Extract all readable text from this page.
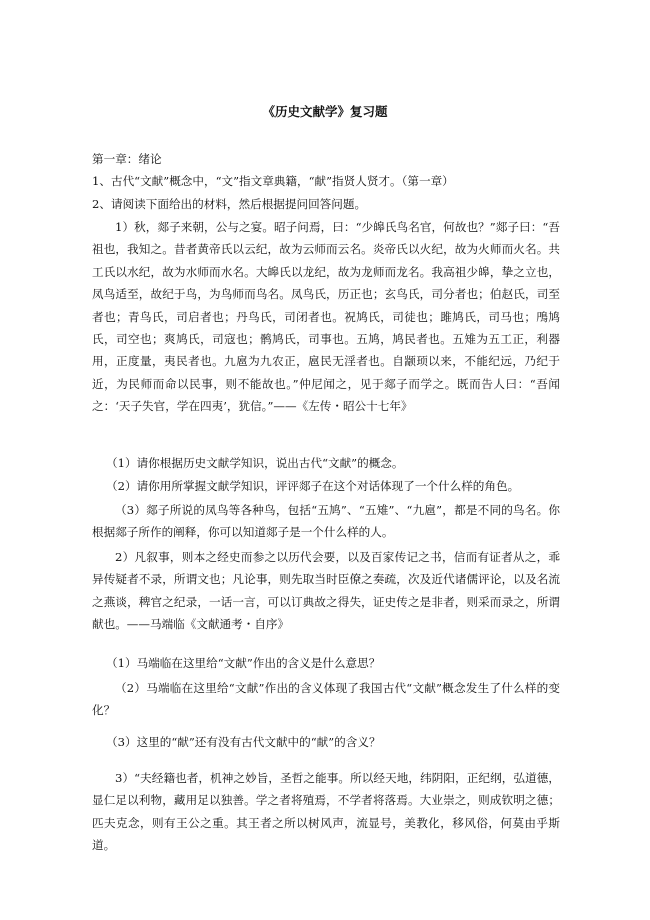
《历史文献学》复习题
第一章：绪论
1、古代“文献”概念中，“文”指文章典籍，“献”指贤人贤才。（第一章）
2、请阅读下面给出的材料，然后根据提问回答问题。
1）秋，郯子来朝，公与之宴。昭子问焉，曰：“少皞氏鸟名官，何故也？”郯子曰：“吾祖也，我知之。昔者黄帝氏以云纪，故为云师而云名。炎帝氏以火纪，故为火师而火名。共工氏以水纪，故为水师而水名。大皞氏以龙纪，故为龙师而龙名。我高祖少皞，挚之立也，凤鸟适至，故纪于鸟，为鸟师而鸟名。凤鸟氏，历正也；玄鸟氏，司分者也；伯赵氏，司至者也；青鸟氏，司启者也；丹鸟氏，司闭者也。祝鸠氏，司徒也；雎鸠氏，司马也；鳲鸠氏，司空也；爽鸠氏，司寇也；鹘鸠氏，司事也。五鸠，鸠民者也。五雉为五工正，利器用，正度量，夷民者也。九扈为九农正，扈民无淫者也。自颛顼以来，不能纪远，乃纪于近，为民师而命以民事，则不能故也。”仲尼闻之，见于郯子而学之。既而告人曰：“吾闻之：‘天子失官，学在四夷’，犹信。”——《左传・昭公十七年》
（1）请你根据历史文献学知识，说出古代“文献”的概念。
（2）请你用所掌握文献学知识，评评郯子在这个对话体现了一个什么样的角色。
（3）郯子所说的凤鸟等各种鸟，包括“五鸠”、“五雉”、“九扈”，都是不同的鸟名。你根据郯子所作的阐释，你可以知道郯子是一个什么样的人。
2）凡叙事，则本之经史而参之以历代会要，以及百家传记之书，信而有证者从之，乖异传疑者不录，所谓文也；凡论事，则先取当时臣僚之奏疏，次及近代诸儒评论，以及名流之燕谈，稗官之纪录，一话一言，可以订典故之得失，证史传之是非者，则采而录之，所谓献也。——马端临《文献通考・自序》
（1）马端临在这里给“文献”作出的含义是什么意思？
（2）马端临在这里给“文献”作出的含义体现了我国古代“文献”概念发生了什么样的变化？
（3）这里的“献”还有没有古代文献中的“献”的含义？
3）“夫经籍也者，机神之妙旨，圣哲之能事。所以经天地，纬阴阳，正纪纲，弘道德，显仁足以利物，藏用足以独善。学之者将殖焉，不学者将落焉。大业崇之，则成钦明之德；匹夫克念，则有王公之重。其王者之所以树风声，流显号，美教化，移风俗，何莫由乎斯道。
